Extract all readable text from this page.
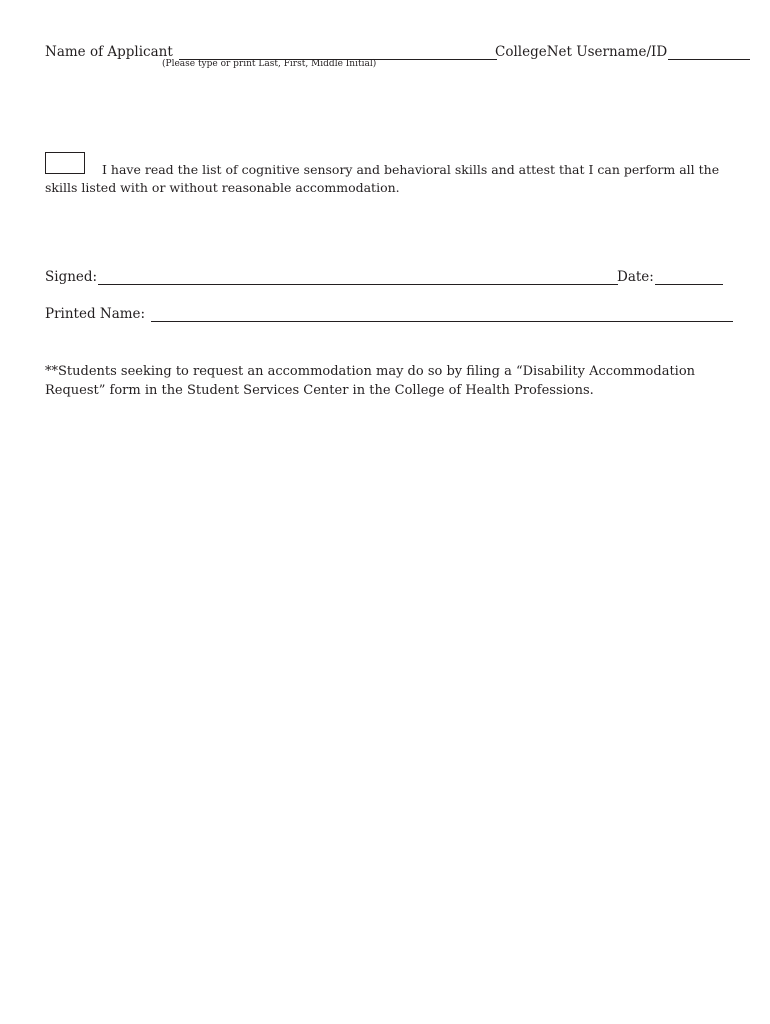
Name of Applicant
(Please type or print Last, First, Middle Initial)
CollegeNet Username/ID
I have read the list of cognitive sensory and behavioral skills and attest that I can perform all the skills listed with or without reasonable accommodation.
Signed:	Date:
Printed Name:
**Students seeking to request an accommodation may do so by filing a “Disability Accommodation Request” form in the Student Services Center in the College of Health Professions.
